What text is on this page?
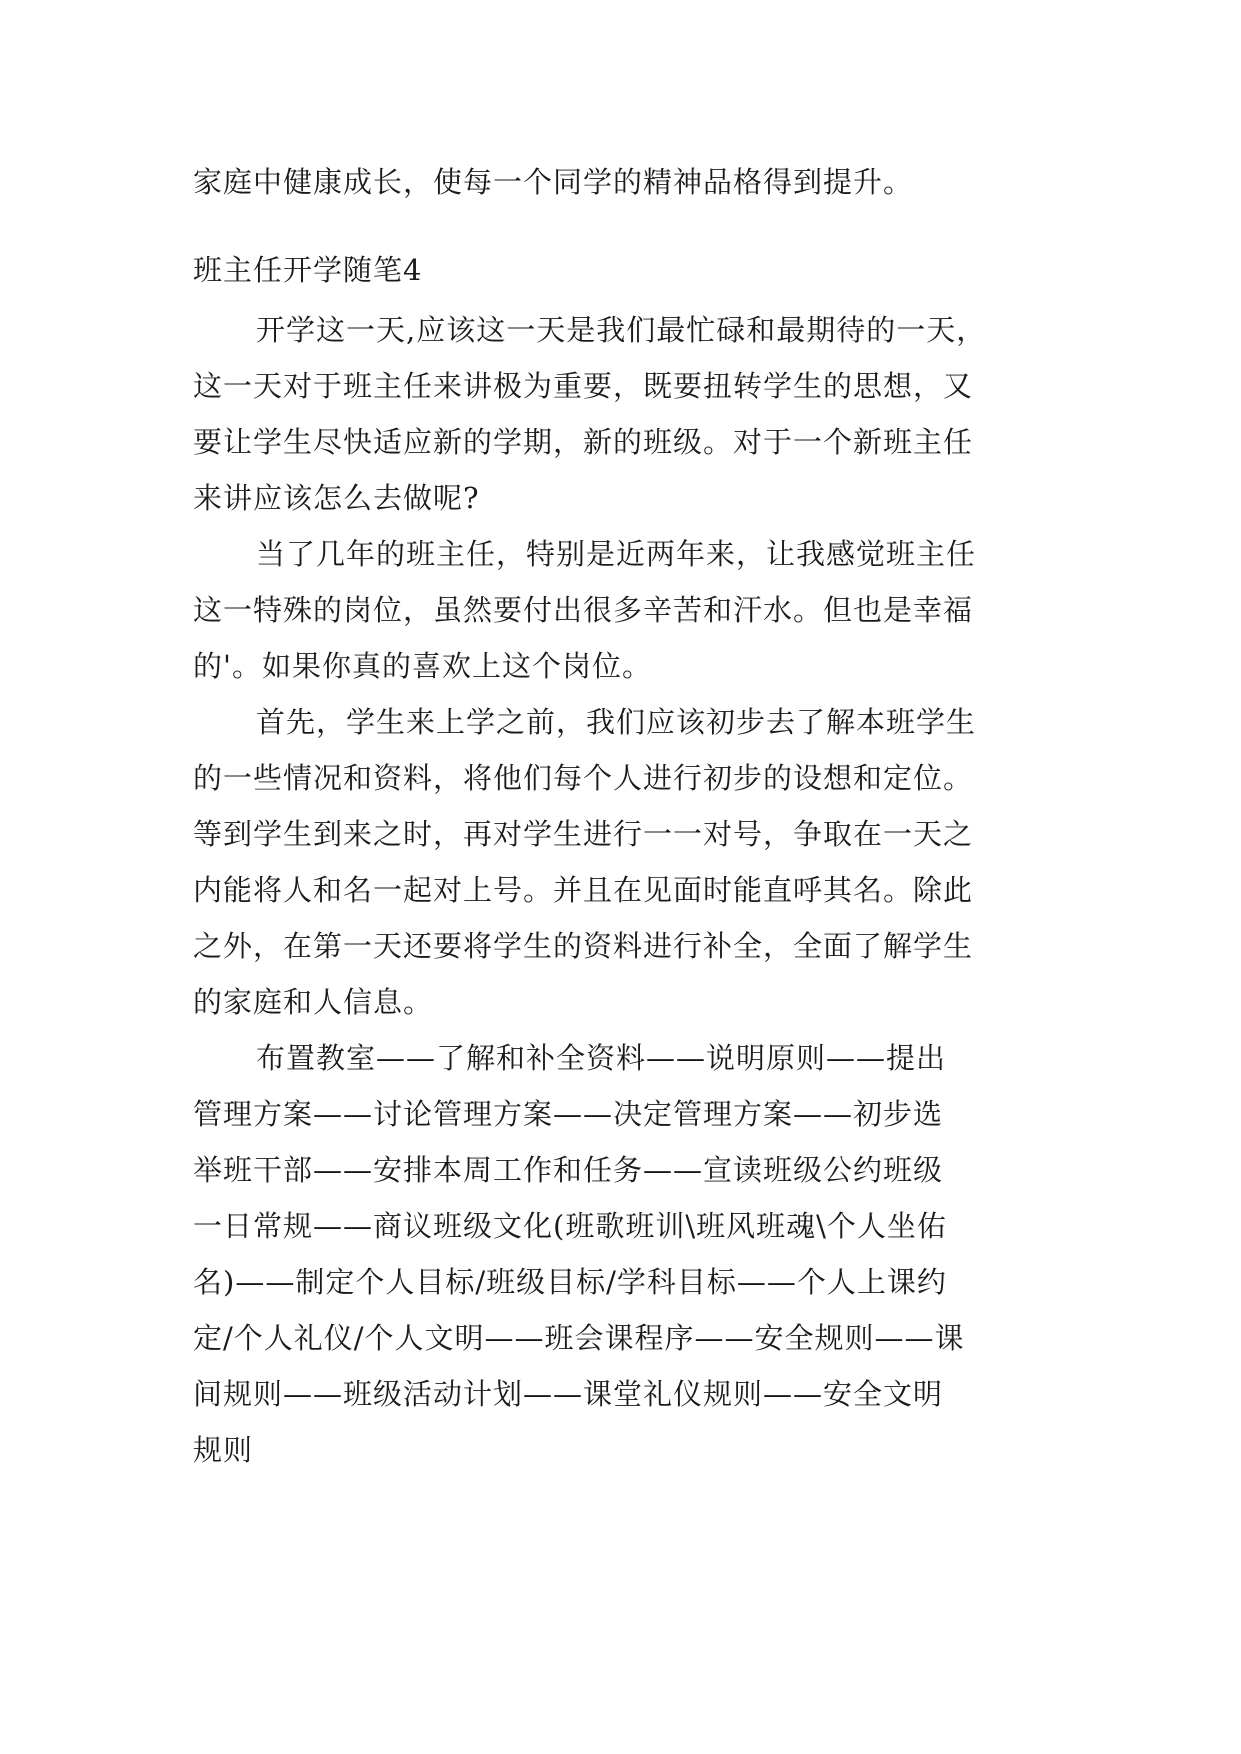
家庭中健康成长，使每一个同学的精神品格得到提升。
班主任开学随笔4
开学这一天,应该这一天是我们最忙碌和最期待的一天，
这一天对于班主任来讲极为重要，既要扭转学生的思想，又
要让学生尽快适应新的学期，新的班级。对于一个新班主任
来讲应该怎么去做呢?
当了几年的班主任，特别是近两年来，让我感觉班主任
这一特殊的岗位，虽然要付出很多辛苦和汗水。但也是幸福
的'。如果你真的喜欢上这个岗位。
首先，学生来上学之前，我们应该初步去了解本班学生
的一些情况和资料，将他们每个人进行初步的设想和定位。
等到学生到来之时，再对学生进行一一对号，争取在一天之
内能将人和名一起对上号。并且在见面时能直呼其名。除此
之外，在第一天还要将学生的资料进行补全，全面了解学生
的家庭和人信息。
布置教室——了解和补全资料——说明原则——提出
管理方案——讨论管理方案——决定管理方案——初步选
举班干部——安排本周工作和任务——宣读班级公约班级
一日常规——商议班级文化(班歌班训\班风班魂\个人坐佑
名)——制定个人目标/班级目标/学科目标——个人上课约
定/个人礼仪/个人文明——班会课程序——安全规则——课
间规则——班级活动计划——课堂礼仪规则——安全文明
规则
